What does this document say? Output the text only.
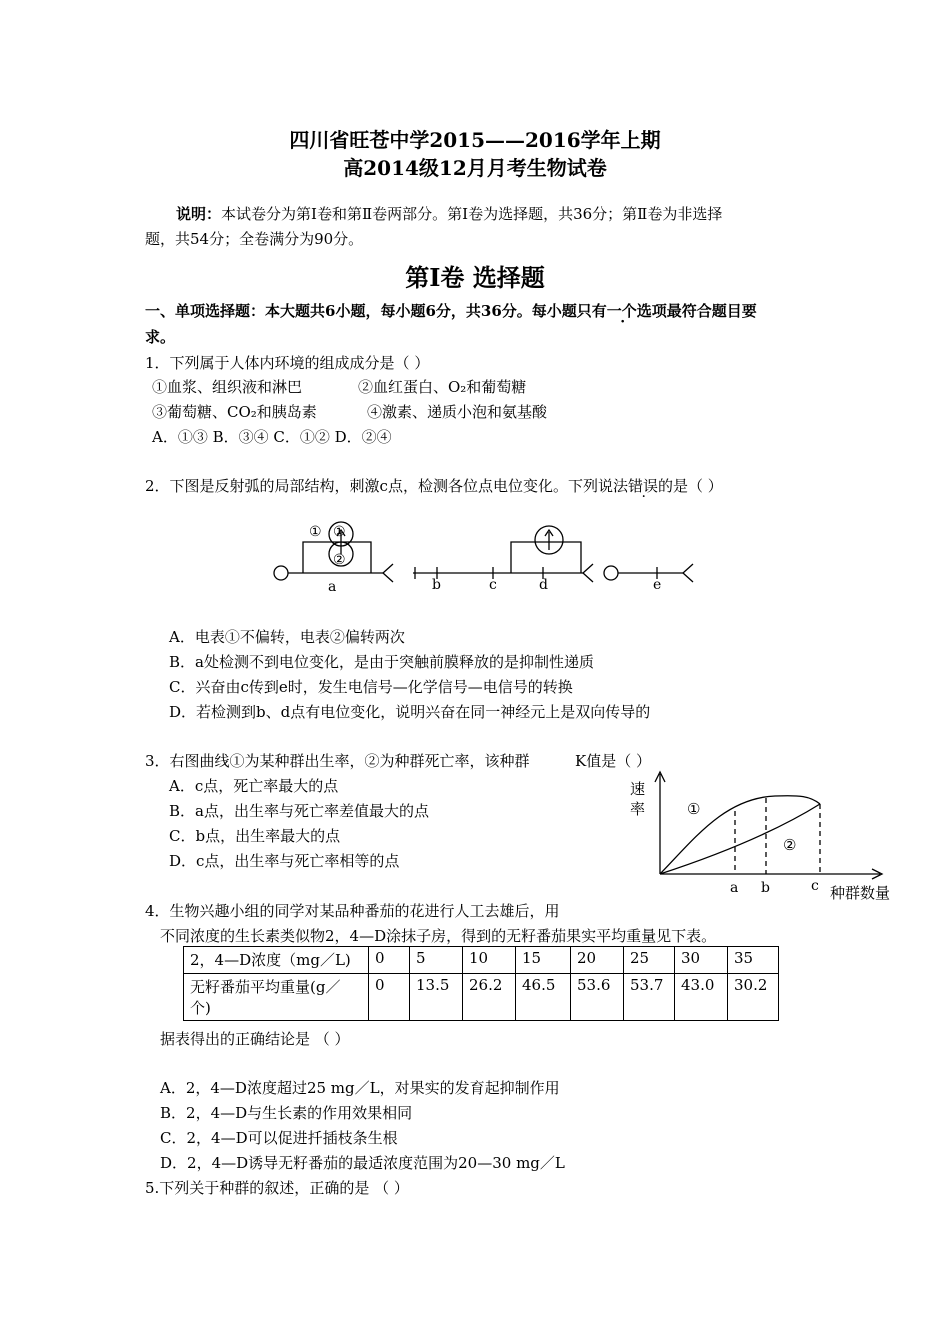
四川省旺苍中学2015——2016学年上期
高2014级12月月考生物试卷
说明：本试卷分为第Ⅰ卷和第Ⅱ卷两部分。第Ⅰ卷为选择题，共36分；第Ⅱ卷为非选择
题，共54分；全卷满分为90分。
第Ⅰ卷 选择题
一、单项选择题：本大题共6小题，每小题6分，共36分。每小题只有一个选项最符合题目要
求。
1．下列属于人体内环境的组成成分是（ ）
①血浆、组织液和淋巴	②血红蛋白、O₂和葡萄糖
③葡萄糖、CO₂和胰岛素	④激素、递质小泡和氨基酸
A．①③ B．③④ C．①② D．②④
2．下图是反射弧的局部结构，刺激c点，检测各位点电位变化。下列说法错误的是（ ）
①
①
②
a	b	c	d	e
A．电表①不偏转，电表②偏转两次
B．a处检测不到电位变化，是由于突触前膜释放的是抑制性递质
C．兴奋由c传到e时，发生电信号—化学信号—电信号的转换
D．若检测到b、d点有电位变化，说明兴奋在同一神经元上是双向传导的
3．右图曲线①为某种群出生率，②为种群死亡率，该种群	K值是（ ）
A．c点，死亡率最大的点
B．a点，出生率与死亡率差值最大的点
C．b点，出生率最大的点
D．c点，出生率与死亡率相等的点
速
率	①
②
a b	c 种群数量
4．生物兴趣小组的同学对某品种番茄的花进行人工去雄后，用
不同浓度的生长素类似物2，4—D涂抹子房，得到的无籽番茄果实平均重量见下表。
2，4—D浓度（mg／L)	0	5	10	15	20	25	30	35

无籽番茄平均重量(g／
个)	0	13.5	26.2	46.5	53.6	53.7	43.0	30.2
据表得出的正确结论是 （ ）
A．2，4—D浓度超过25 mg／L，对果实的发育起抑制作用
B．2，4—D与生长素的作用效果相同
C．2，4—D可以促进扦插枝条生根
D．2，4—D诱导无籽番茄的最适浓度范围为20—30 mg／L
5.下列关于种群的叙述，正确的是 （ ）
